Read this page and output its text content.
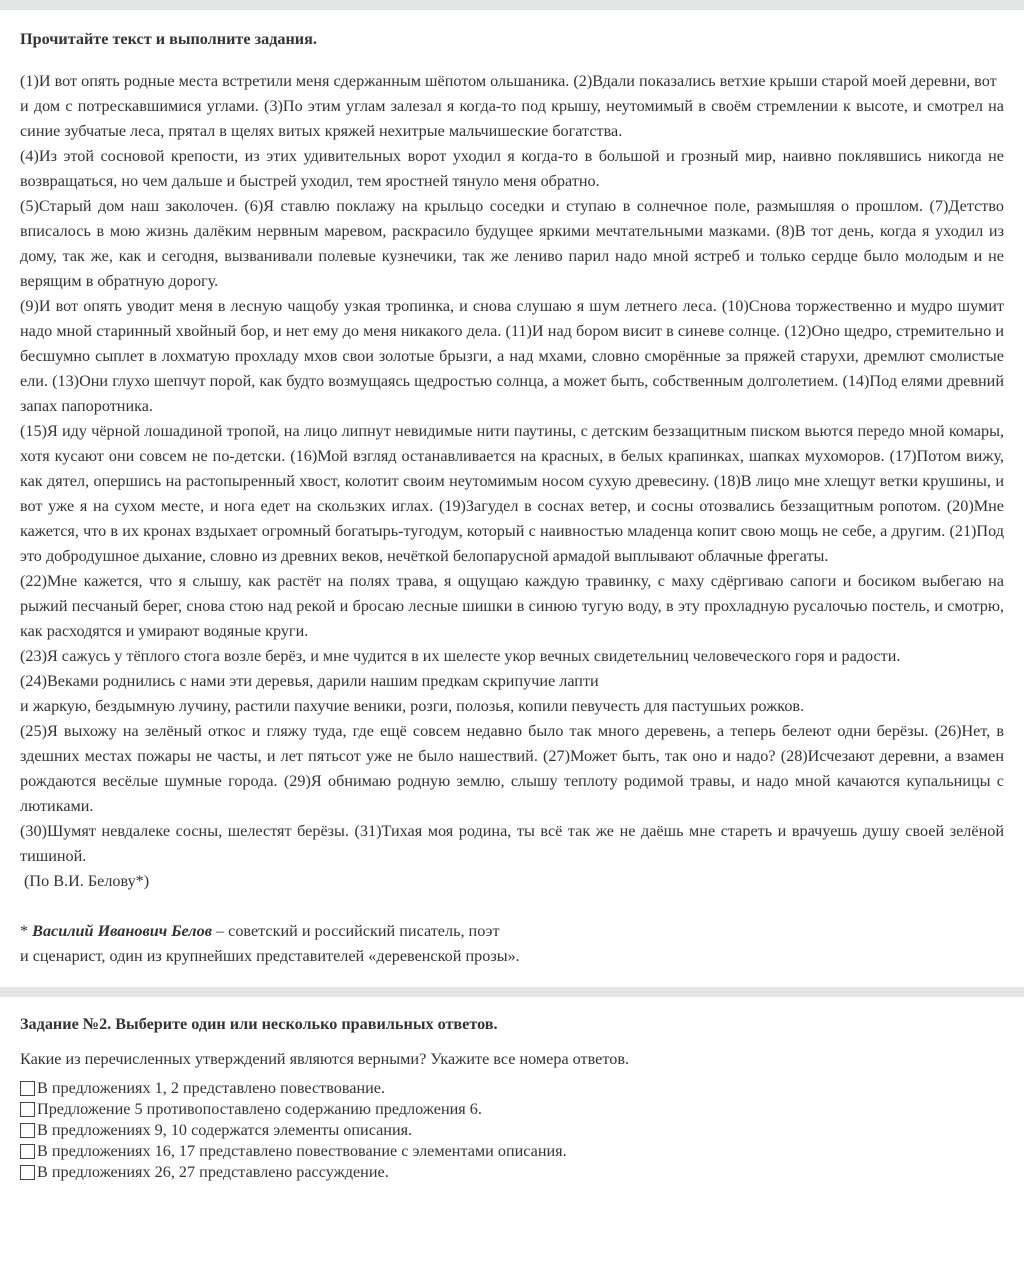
Прочитайте текст и выполните задания.

(1)И вот опять родные места встретили меня сдержанным шёпотом ольшаника. (2)Вдали показались ветхие крыши старой моей деревни, вот

и дом с потрескавшимися углами. (3)По этим углам залезал я когда-то под крышу, неутомимый в своём стремлении к высоте, и смотрел на синие зубчатые леса, прятал в щелях витых кряжей нехитрые мальчишеские богатства.

(4)Из этой сосновой крепости, из этих удивительных ворот уходил я когда-то в большой и грозный мир, наивно поклявшись никогда не возвращаться, но чем дальше и быстрей уходил, тем яростней тянуло меня обратно.

(5)Старый дом наш заколочен. (6)Я ставлю поклажу на крыльцо соседки и ступаю в солнечное поле, размышляя о прошлом. (7)Детство вписалось в мою жизнь далёким нервным маревом, раскрасило будущее яркими мечтательными мазками. (8)В тот день, когда я уходил из дому, так же, как и сегодня, вызванивали полевые кузнечики, так же лениво парил надо мной ястреб и только сердце было молодым и не верящим в обратную дорогу.

(9)И вот опять уводит меня в лесную чащобу узкая тропинка, и снова слушаю я шум летнего леса. (10)Снова торжественно и мудро шумит надо мной старинный хвойный бор, и нет ему до меня никакого дела. (11)И над бором висит в синеве солнце. (12)Оно щедро, стремительно и бесшумно сыплет в лохматую прохладу мхов свои золотые брызги, а над мхами, словно сморённые за пряжей старухи, дремлют смолистые ели. (13)Они глухо шепчут порой, как будто возмущаясь щедростью солнца, а может быть, собственным долголетием. (14)Под елями древний запах папоротника.

(15)Я иду чёрной лошадиной тропой, на лицо липнут невидимые нити паутины, с детским беззащитным писком вьются передо мной комары, хотя кусают они совсем не по-детски. (16)Мой взгляд останавливается на красных, в белых крапинках, шапках мухоморов. (17)Потом вижу, как дятел, опершись на растопыренный хвост, колотит своим неутомимым носом сухую древесину. (18)В лицо мне хлещут ветки крушины, и вот уже я на сухом месте, и нога едет на скользких иглах. (19)Загудел в соснах ветер, и сосны отозвались беззащитным ропотом. (20)Мне кажется, что в их кронах вздыхает огромный богатырь-тугодум, который с наивностью младенца копит свою мощь не себе, а другим. (21)Под это добродушное дыхание, словно из древних веков, нечёткой белопарусной армадой выплывают облачные фрегаты.

(22)Мне кажется, что я слышу, как растёт на полях трава, я ощущаю каждую травинку, с маху сдёргиваю сапоги и босиком выбегаю на рыжий песчаный берег, снова стою над рекой и бросаю лесные шишки в синюю тугую воду, в эту прохладную русалочью постель, и смотрю, как расходятся и умирают водяные круги.

(23)Я сажусь у тёплого стога возле берёз, и мне чудится в их шелесте укор вечных свидетельниц человеческого горя и радости.

(24)Веками роднились с нами эти деревья, дарили нашим предкам скрипучие лапти

и жаркую, бездымную лучину, растили пахучие веники, розги, полозья, копили певучесть для пастушьих рожков.

(25)Я выхожу на зелёный откос и гляжу туда, где ещё совсем недавно было так много деревень, а теперь белеют одни берёзы. (26)Нет, в здешних местах пожары не часты, и лет пятьсот уже не было нашествий. (27)Может быть, так оно и надо? (28)Исчезают деревни, а взамен рождаются весёлые шумные города. (29)Я обнимаю родную землю, слышу теплоту родимой травы, и надо мной качаются купальницы с лютиками.

(30)Шумят невдалеке сосны, шелестят берёзы. (31)Тихая моя родина, ты всё так же не даёшь мне стареть и врачуешь душу своей зелёной тишиной.

(По В.И. Белову*)

* Василий Иванович Белов – советский и российский писатель, поэт
и сценарист, один из крупнейших представителей «деревенской прозы».

Задание №2. Выберите один или несколько правильных ответов.

Какие из перечисленных утверждений являются верными? Укажите все номера ответов.

В предложениях 1, 2 представлено повествование.
Предложение 5 противопоставлено содержанию предложения 6.
В предложениях 9, 10 содержатся элементы описания.
В предложениях 16, 17 представлено повествование с элементами описания.
В предложениях 26, 27 представлено рассуждение.
